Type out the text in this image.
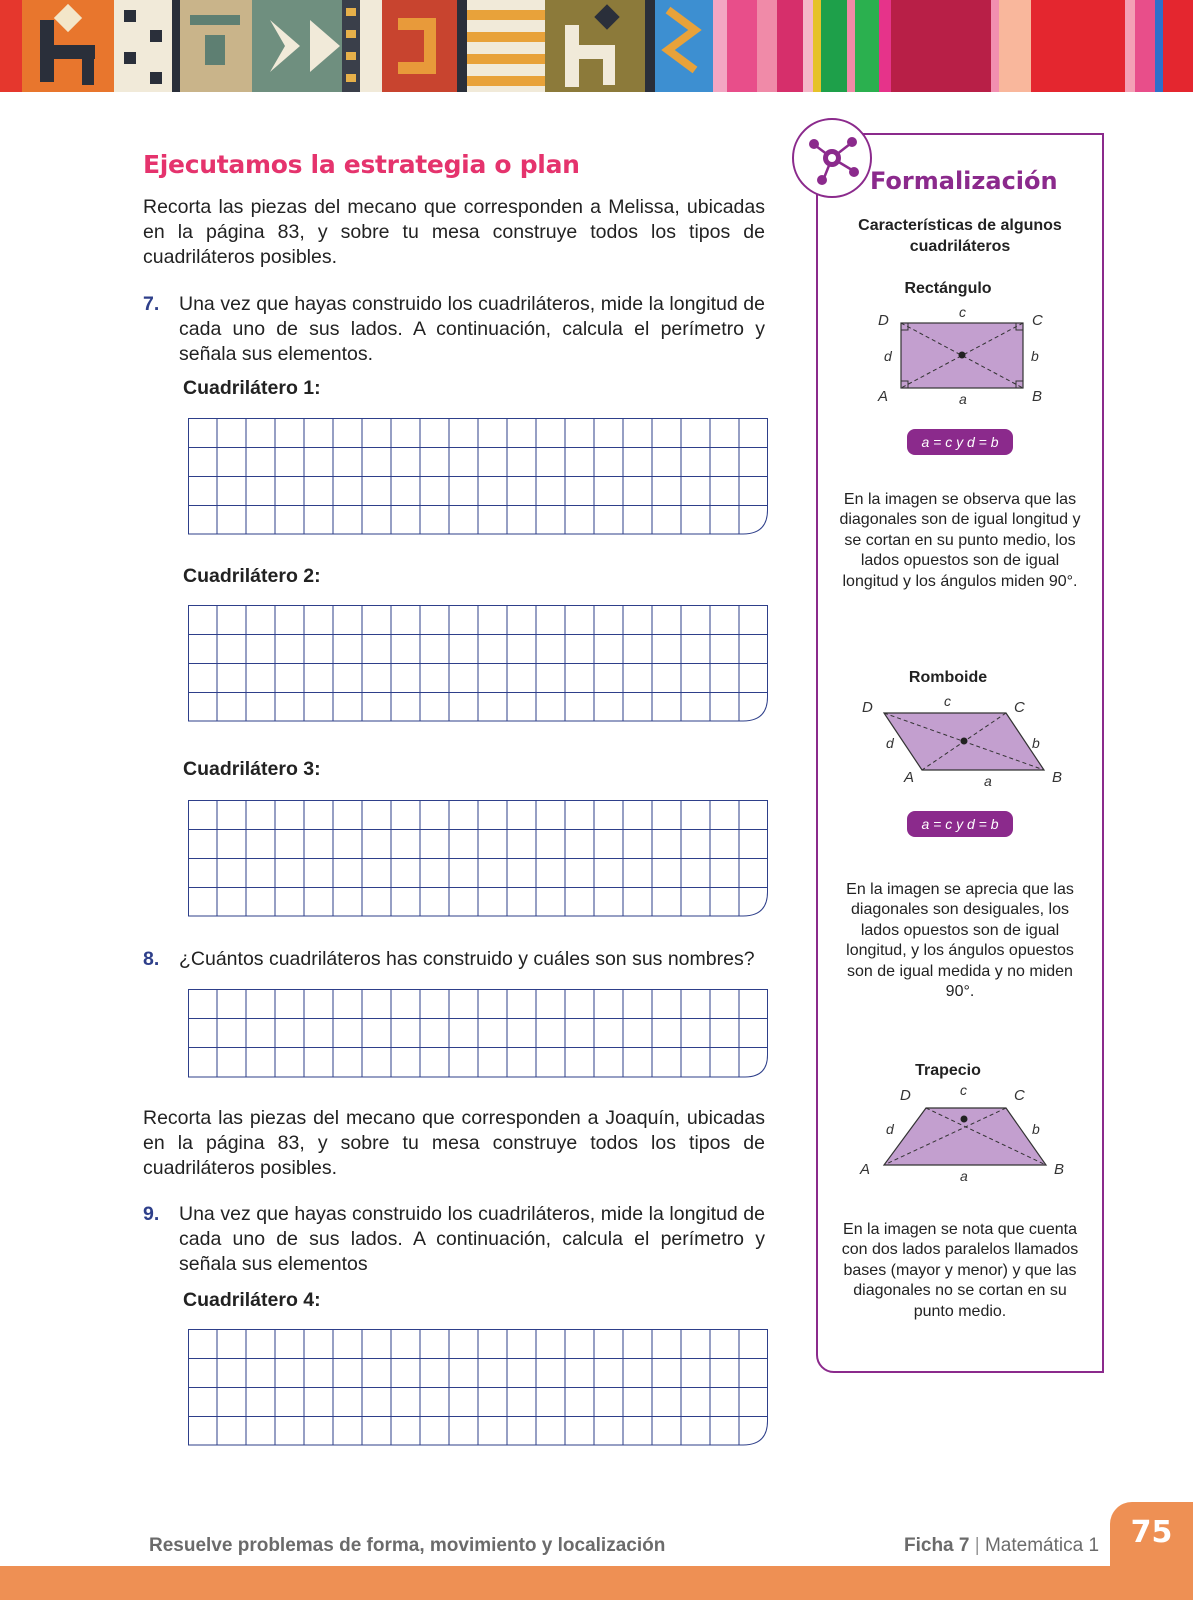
Ejecutamos la estrategia o plan

Recorta las piezas del mecano que corresponden a Melissa, ubicadas en la página 83, y sobre tu mesa construye todos los tipos de cuadriláteros posibles.

7.	Una vez que hayas construido los cuadriláteros, mide la longitud de cada uno de sus lados. A continuación, calcula el perímetro y señala sus elementos.
Cuadrilátero 1:
Cuadrilátero 2:
Cuadrilátero 3:
8.	¿Cuántos cuadriláteros has construido y cuáles son sus nombres?

Recorta las piezas del mecano que corresponden a Joaquín, ubicadas en la página 83, y sobre tu mesa construye todos los tipos de cuadriláteros posibles.

9.	Una vez que hayas construido los cuadriláteros, mide la longitud de cada uno de sus lados. A continuación, calcula el perímetro y señala sus elementos
Cuadrilátero 4:
Formalización
Características de algunos cuadriláteros
Rectángulo
D	C
A	B
c
a
d	b
a = c y d = b
En la imagen se observa que las diagonales son de igual longitud y se cortan en su punto medio, los lados opuestos son de igual longitud y los ángulos miden 90°.
Romboide
D	C
A	B
c
a
d	b
a = c y d = b
En la imagen se aprecia que las diagonales son desiguales, los lados opuestos son de igual longitud, y los ángulos opuestos son de igual medida y no miden 90°.
Trapecio
D	C
A	B
c
a
d	b
En la imagen se nota que cuenta con dos lados paralelos llamados bases (mayor y menor) y que las diagonales no se cortan en su punto medio.
Resuelve problemas de forma, movimiento y localización	Ficha 7 | Matemática 1	75
